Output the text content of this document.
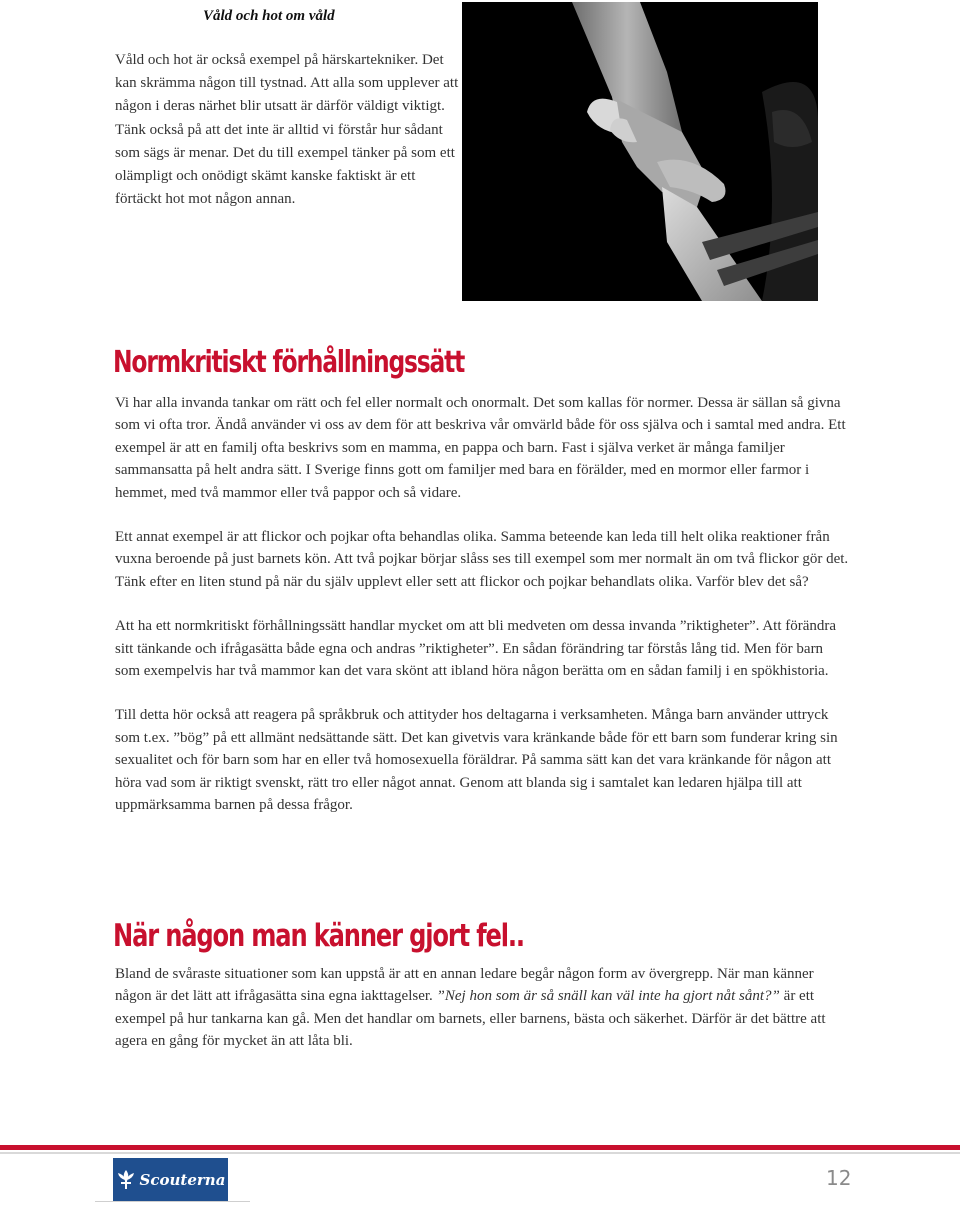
Våld och hot om våld
Våld och hot är också exempel på härskartekniker. Det kan skrämma någon till tystnad. Att alla som upplever att någon i deras närhet blir utsatt är därför väldigt viktigt. Tänk också på att det inte är alltid vi förstår hur sådant som sägs är menar. Det du till exempel tänker på som ett olämpligt och onödigt skämt kanske faktiskt är ett förtäckt hot mot någon annan.
Normkritiskt förhållningssätt

Vi har alla invanda tankar om rätt och fel eller normalt och onormalt. Det som kallas för normer. Dessa är sällan så givna som vi ofta tror. Ändå använder vi oss av dem för att beskriva vår omvärld både för oss själva och i samtal med andra. Ett exempel är att en familj ofta beskrivs som en mamma, en pappa och barn. Fast i själva verket är många familjer sammansatta på helt andra sätt. I Sverige finns gott om familjer med bara en förälder, med en mormor eller farmor i hemmet, med två mammor eller två pappor och så vidare.

Ett annat exempel är att flickor och pojkar ofta behandlas olika. Samma beteende kan leda till helt olika reaktioner från vuxna beroende på just barnets kön. Att två pojkar börjar slåss ses till exempel som mer normalt än om två flickor gör det. Tänk efter en liten stund på när du själv upplevt eller sett att flickor och pojkar behandlats olika. Varför blev det så?

Att ha ett normkritiskt förhållningssätt handlar mycket om att bli medveten om dessa invanda ”riktigheter”. Att förändra sitt tänkande och ifrågasätta både egna och andras ”riktigheter”. En sådan förändring tar förstås lång tid. Men för barn som exempelvis har två mammor kan det vara skönt att ibland höra någon berätta om en sådan familj i en spökhistoria.

Till detta hör också att reagera på språkbruk och attityder hos deltagarna i verksamheten. Många barn använder uttryck som t.ex. ”bög” på ett allmänt nedsättande sätt. Det kan givetvis vara kränkande både för ett barn som funderar kring sin sexualitet och för barn som har en eller två homosexuella föräldrar. På samma sätt kan det vara kränkande för någon att höra vad som är riktigt svenskt, rätt tro eller något annat. Genom att blanda sig i samtalet kan ledaren hjälpa till att uppmärksamma barnen på dessa frågor.

När någon man känner gjort fel..

Bland de svåraste situationer som kan uppstå är att en annan ledare begår någon form av övergrepp. När man känner någon är det lätt att ifrågasätta sina egna iakttagelser. ”Nej hon som är så snäll kan väl inte ha gjort nåt sånt?” är ett exempel på hur tankarna kan gå. Men det handlar om barnets, eller barnens, bästa och säkerhet. Därför är det bättre att agera en gång för mycket än att låta bli.

Scouterna	12
